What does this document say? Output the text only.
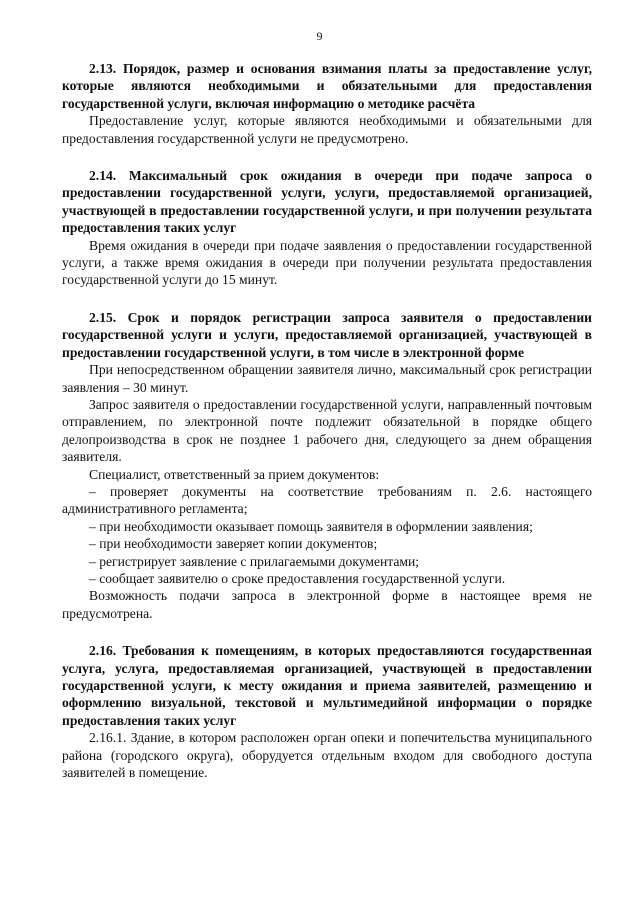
9

2.13. Порядок, размер и основания взимания платы за предоставление услуг, которые являются необходимыми и обязательными для предоставления государственной услуги, включая информацию о методике расчёта

Предоставление услуг, которые являются необходимыми и обязательными для предоставления государственной услуги не предусмотрено.

2.14. Максимальный срок ожидания в очереди при подаче запроса о предоставлении государственной услуги, услуги, предоставляемой организацией, участвующей в предоставлении государственной услуги, и при получении результата предоставления таких услуг

Время ожидания в очереди при подаче заявления о предоставлении государственной услуги, а также время ожидания в очереди при получении результата предоставления государственной услуги до 15 минут.

2.15. Срок и порядок регистрации запроса заявителя о предоставлении государственной услуги и услуги, предоставляемой организацией, участвующей в предоставлении государственной услуги, в том числе в электронной форме

При непосредственном обращении заявителя лично, максимальный срок регистрации заявления – 30 минут.

Запрос заявителя о предоставлении государственной услуги, направленный почтовым отправлением, по электронной почте подлежит обязательной в порядке общего делопроизводства в срок не позднее 1 рабочего дня, следующего за днем обращения заявителя.

Специалист, ответственный за прием документов:

– проверяет документы на соответствие требованиям п. 2.6. настоящего административного регламента;

– при необходимости оказывает помощь заявителя в оформлении заявления;

– при необходимости заверяет копии документов;

– регистрирует заявление с прилагаемыми документами;

– сообщает заявителю о сроке предоставления государственной услуги.

Возможность подачи запроса в электронной форме в настоящее время не предусмотрена.

2.16. Требования к помещениям, в которых предоставляются государственная услуга, услуга, предоставляемая организацией, участвующей в предоставлении государственной услуги, к месту ожидания и приема заявителей, размещению и оформлению визуальной, текстовой и мультимедийной информации о порядке предоставления таких услуг

2.16.1. Здание, в котором расположен орган опеки и попечительства муниципального района (городского округа), оборудуется отдельным входом для свободного доступа заявителей в помещение.
